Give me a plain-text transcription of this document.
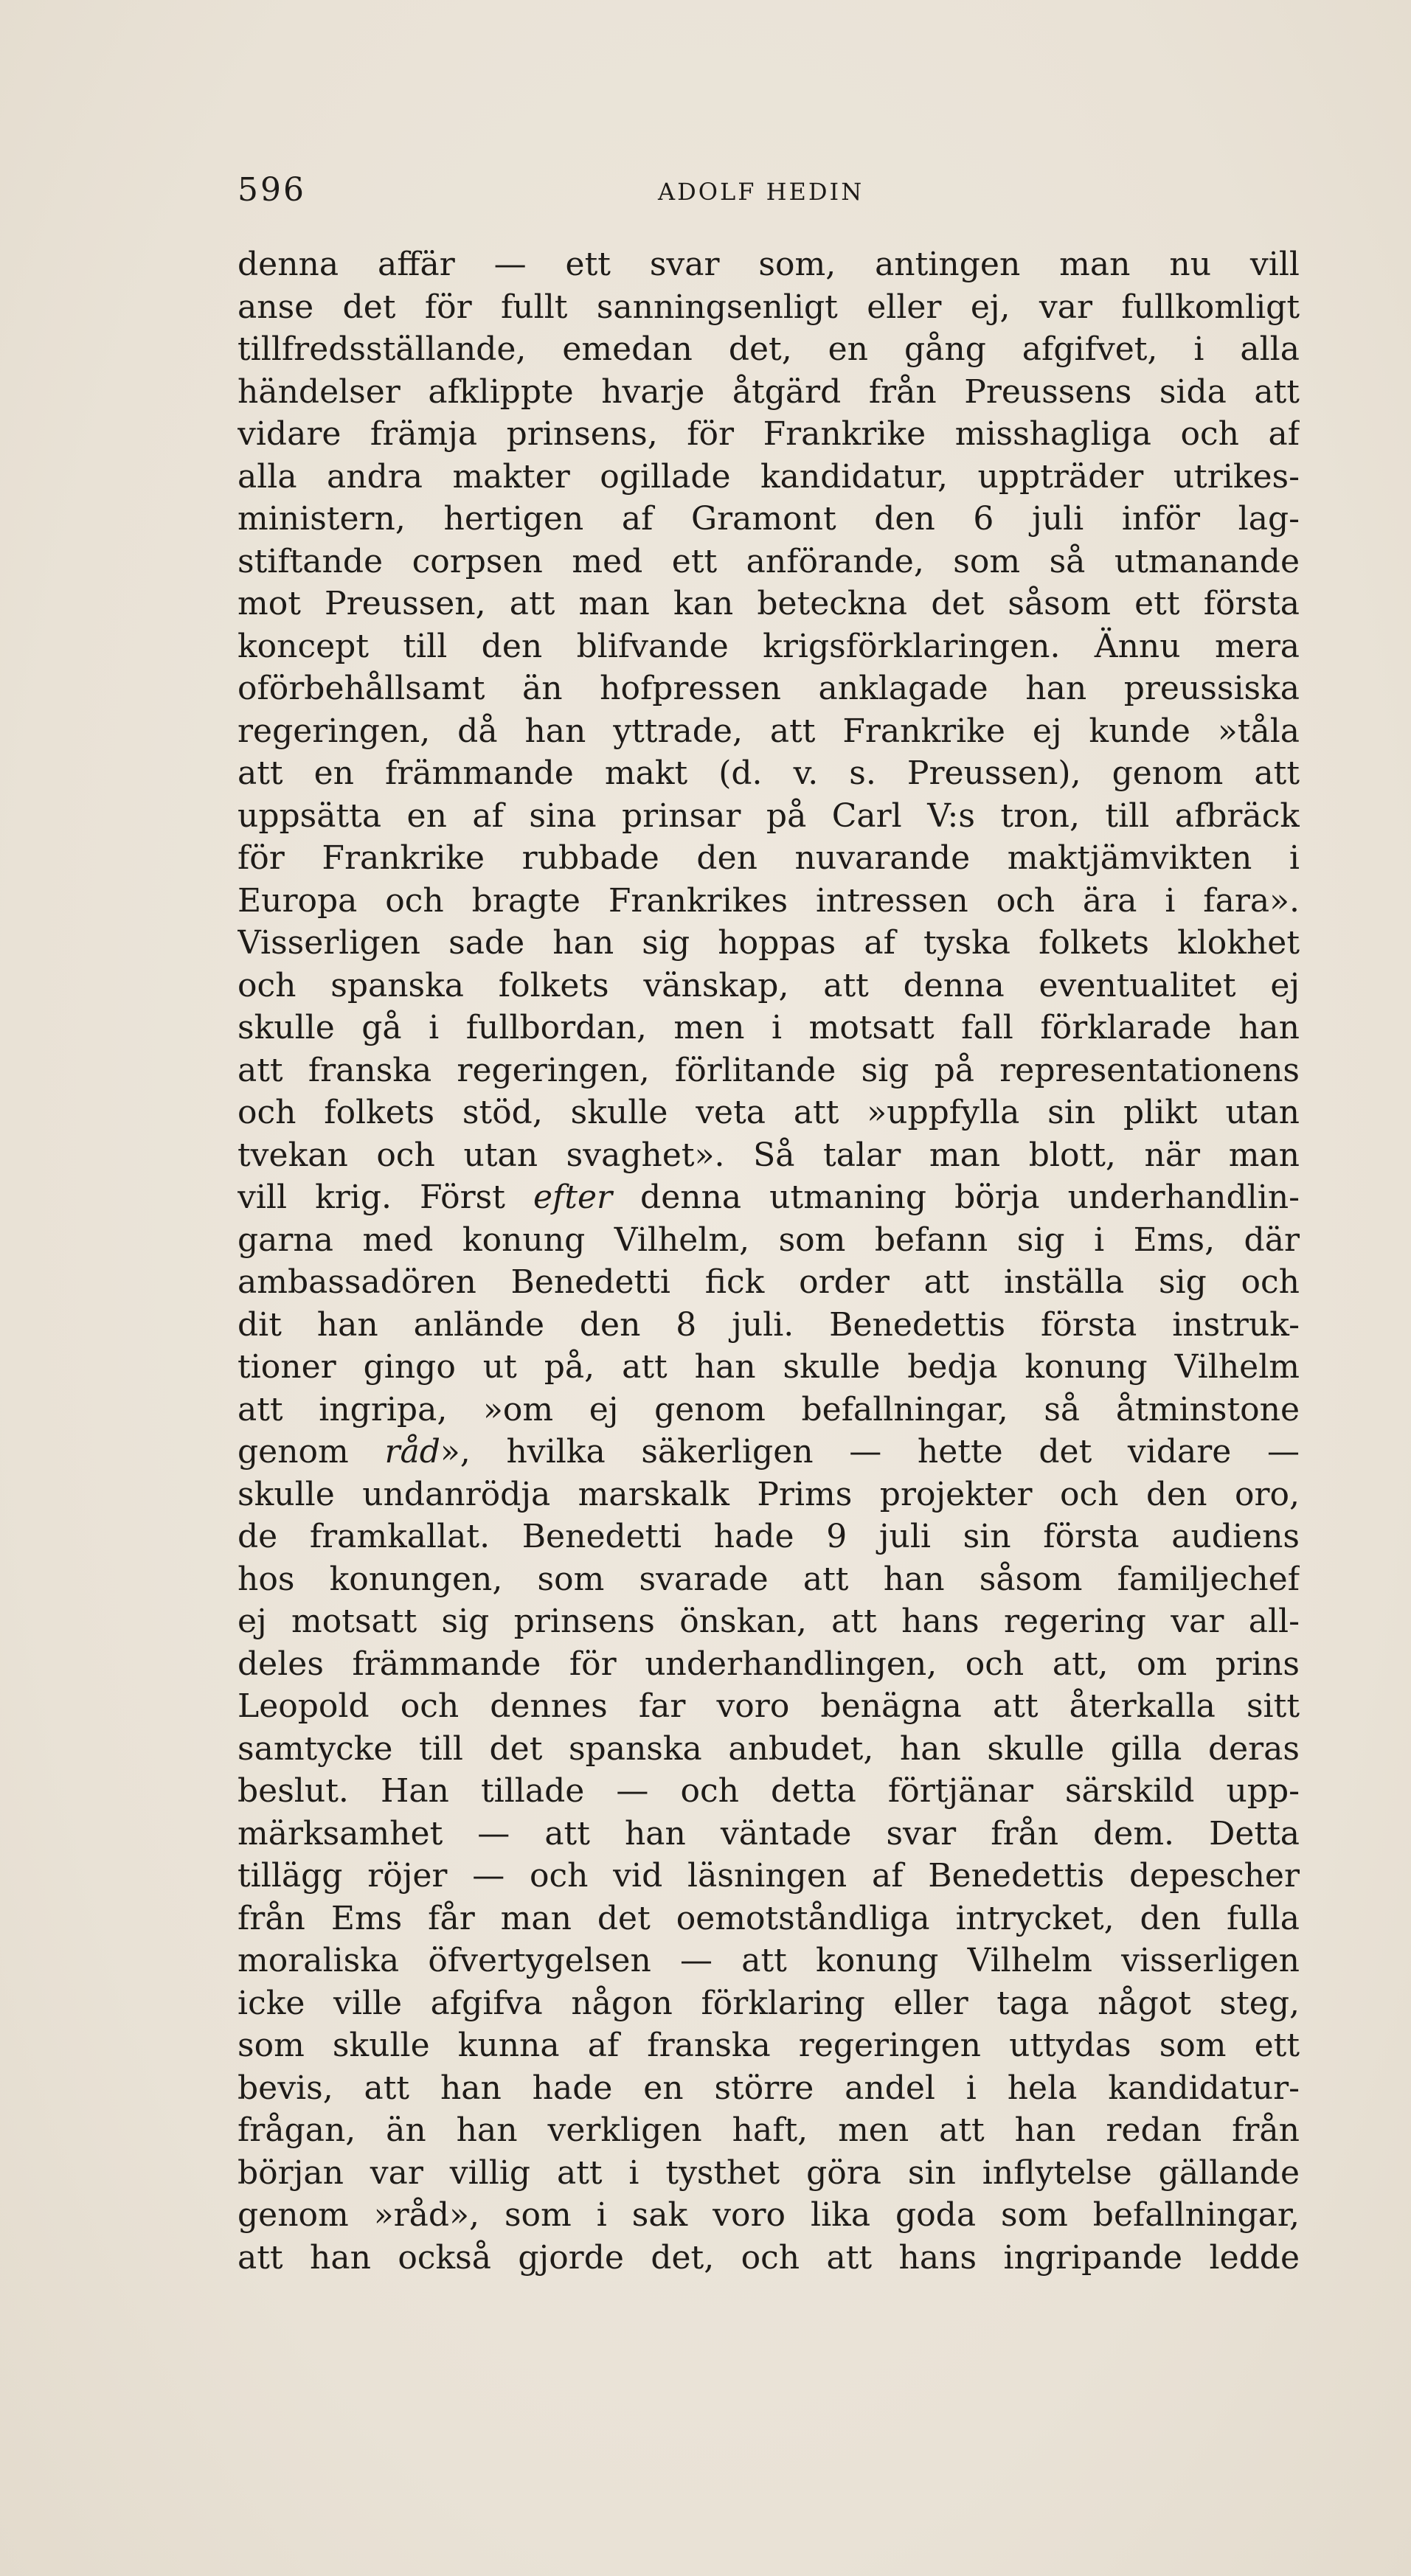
596	ADOLF HEDIN
denna affär — ett svar som, antingen man nu vill
anse det för fullt sanningsenligt eller ej, var fullkomligt
tillfredsställande, emedan det, en gång afgifvet, i alla
händelser afklippte hvarje åtgärd från Preussens sida att
vidare främja prinsens, för Frankrike misshagliga och af
alla andra makter ogillade kandidatur, uppträder utrikes-
ministern, hertigen af Gramont den 6 juli inför lag-
stiftande corpsen med ett anförande, som så utmanande
mot Preussen, att man kan beteckna det såsom ett första
koncept till den blifvande krigsförklaringen. Ännu mera
oförbehållsamt än hofpressen anklagade han preussiska
regeringen, då han yttrade, att Frankrike ej kunde »tåla
att en främmande makt (d. v. s. Preussen), genom att
uppsätta en af sina prinsar på Carl V:s tron, till afbräck
för Frankrike rubbade den nuvarande maktjämvikten i
Europa och bragte Frankrikes intressen och ära i fara».
Visserligen sade han sig hoppas af tyska folkets klokhet
och spanska folkets vänskap, att denna eventualitet ej
skulle gå i fullbordan, men i motsatt fall förklarade han
att franska regeringen, förlitande sig på representationens
och folkets stöd, skulle veta att »uppfylla sin plikt utan
tvekan och utan svaghet». Så talar man blott, när man
vill krig. Först efter denna utmaning börja underhandlin-
garna med konung Vilhelm, som befann sig i Ems, där
ambassadören Benedetti fick order att inställa sig och
dit han anlände den 8 juli. Benedettis första instruk-
tioner gingo ut på, att han skulle bedja konung Vilhelm
att ingripa, »om ej genom befallningar, så åtminstone
genom råd», hvilka säkerligen — hette det vidare —
skulle undanrödja marskalk Prims projekter och den oro,
de framkallat. Benedetti hade 9 juli sin första audiens
hos konungen, som svarade att han såsom familjechef
ej motsatt sig prinsens önskan, att hans regering var all-
deles främmande för underhandlingen, och att, om prins
Leopold och dennes far voro benägna att återkalla sitt
samtycke till det spanska anbudet, han skulle gilla deras
beslut. Han tillade — och detta förtjänar särskild upp-
märksamhet — att han väntade svar från dem. Detta
tillägg röjer — och vid läsningen af Benedettis depescher
från Ems får man det oemotståndliga intrycket, den fulla
moraliska öfvertygelsen — att konung Vilhelm visserligen
icke ville afgifva någon förklaring eller taga något steg,
som skulle kunna af franska regeringen uttydas som ett
bevis, att han hade en större andel i hela kandidatur-
frågan, än han verkligen haft, men att han redan från
början var villig att i tysthet göra sin inflytelse gällande
genom »råd», som i sak voro lika goda som befallningar,
att han också gjorde det, och att hans ingripande ledde
